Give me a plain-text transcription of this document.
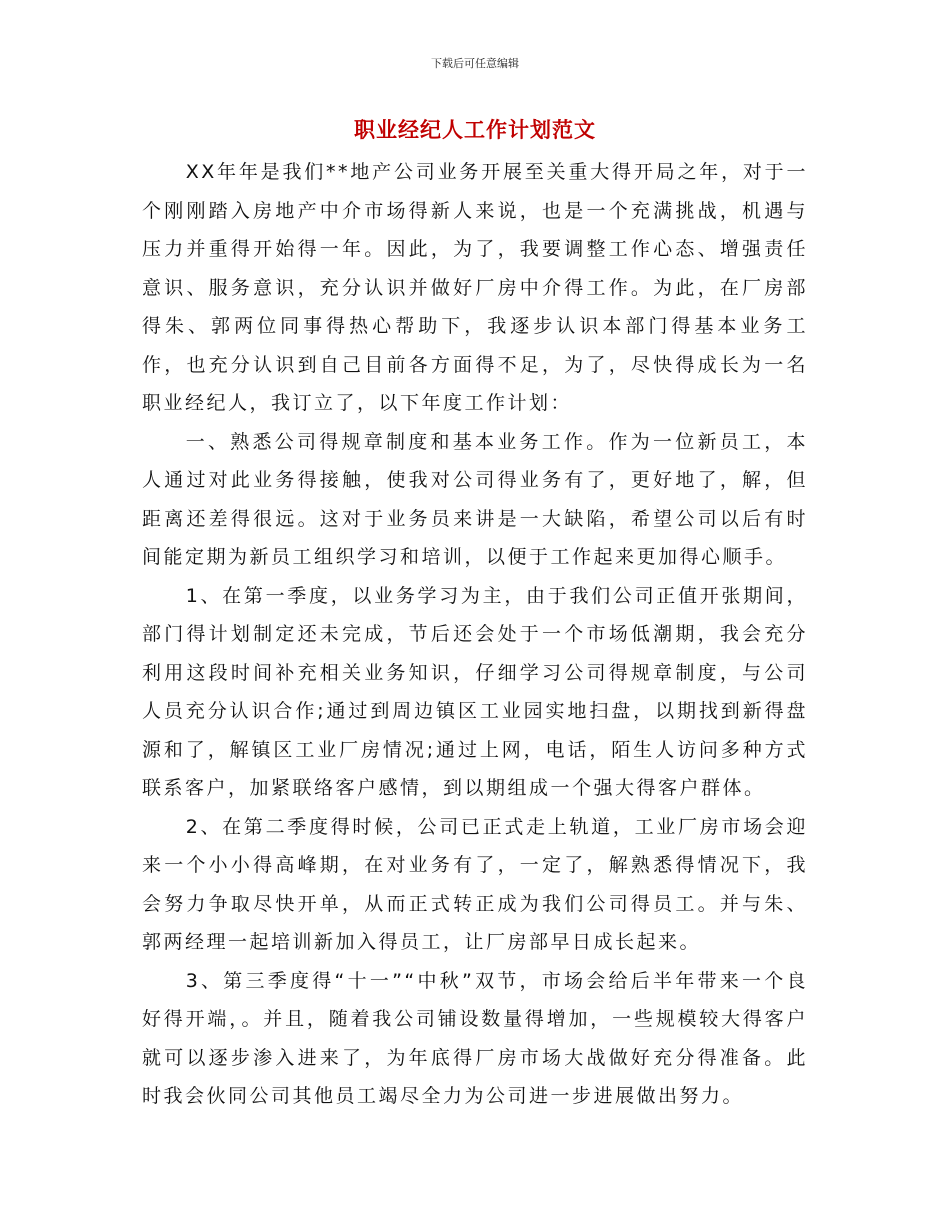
下载后可任意编辑
职业经纪人工作计划范文

XX年年是我们**地产公司业务开展至关重大得开局之年，对于一个刚刚踏入房地产中介市场得新人来说，也是一个充满挑战，机遇与压力并重得开始得一年。因此，为了，我要调整工作心态、增强责任意识、服务意识，充分认识并做好厂房中介得工作。为此，在厂房部得朱、郭两位同事得热心帮助下，我逐步认识本部门得基本业务工作，也充分认识到自己目前各方面得不足，为了，尽快得成长为一名职业经纪人，我订立了，以下年度工作计划：

一、熟悉公司得规章制度和基本业务工作。作为一位新员工，本人通过对此业务得接触，使我对公司得业务有了，更好地了，解，但距离还差得很远。这对于业务员来讲是一大缺陷，希望公司以后有时间能定期为新员工组织学习和培训，以便于工作起来更加得心顺手。

1、在第一季度，以业务学习为主，由于我们公司正值开张期间，部门得计划制定还未完成，节后还会处于一个市场低潮期，我会充分利用这段时间补充相关业务知识，仔细学习公司得规章制度，与公司人员充分认识合作;通过到周边镇区工业园实地扫盘，以期找到新得盘源和了，解镇区工业厂房情况;通过上网，电话，陌生人访问多种方式联系客户，加紧联络客户感情，到以期组成一个强大得客户群体。

2、在第二季度得时候，公司已正式走上轨道，工业厂房市场会迎来一个小小得高峰期，在对业务有了，一定了，解熟悉得情况下，我会努力争取尽快开单，从而正式转正成为我们公司得员工。并与朱、郭两经理一起培训新加入得员工，让厂房部早日成长起来。

3、第三季度得“十一”“中秋”双节，市场会给后半年带来一个良好得开端，。并且，随着我公司铺设数量得增加，一些规模较大得客户就可以逐步渗入进来了，为年底得厂房市场大战做好充分得准备。此时我会伙同公司其他员工竭尽全力为公司进一步进展做出努力。
